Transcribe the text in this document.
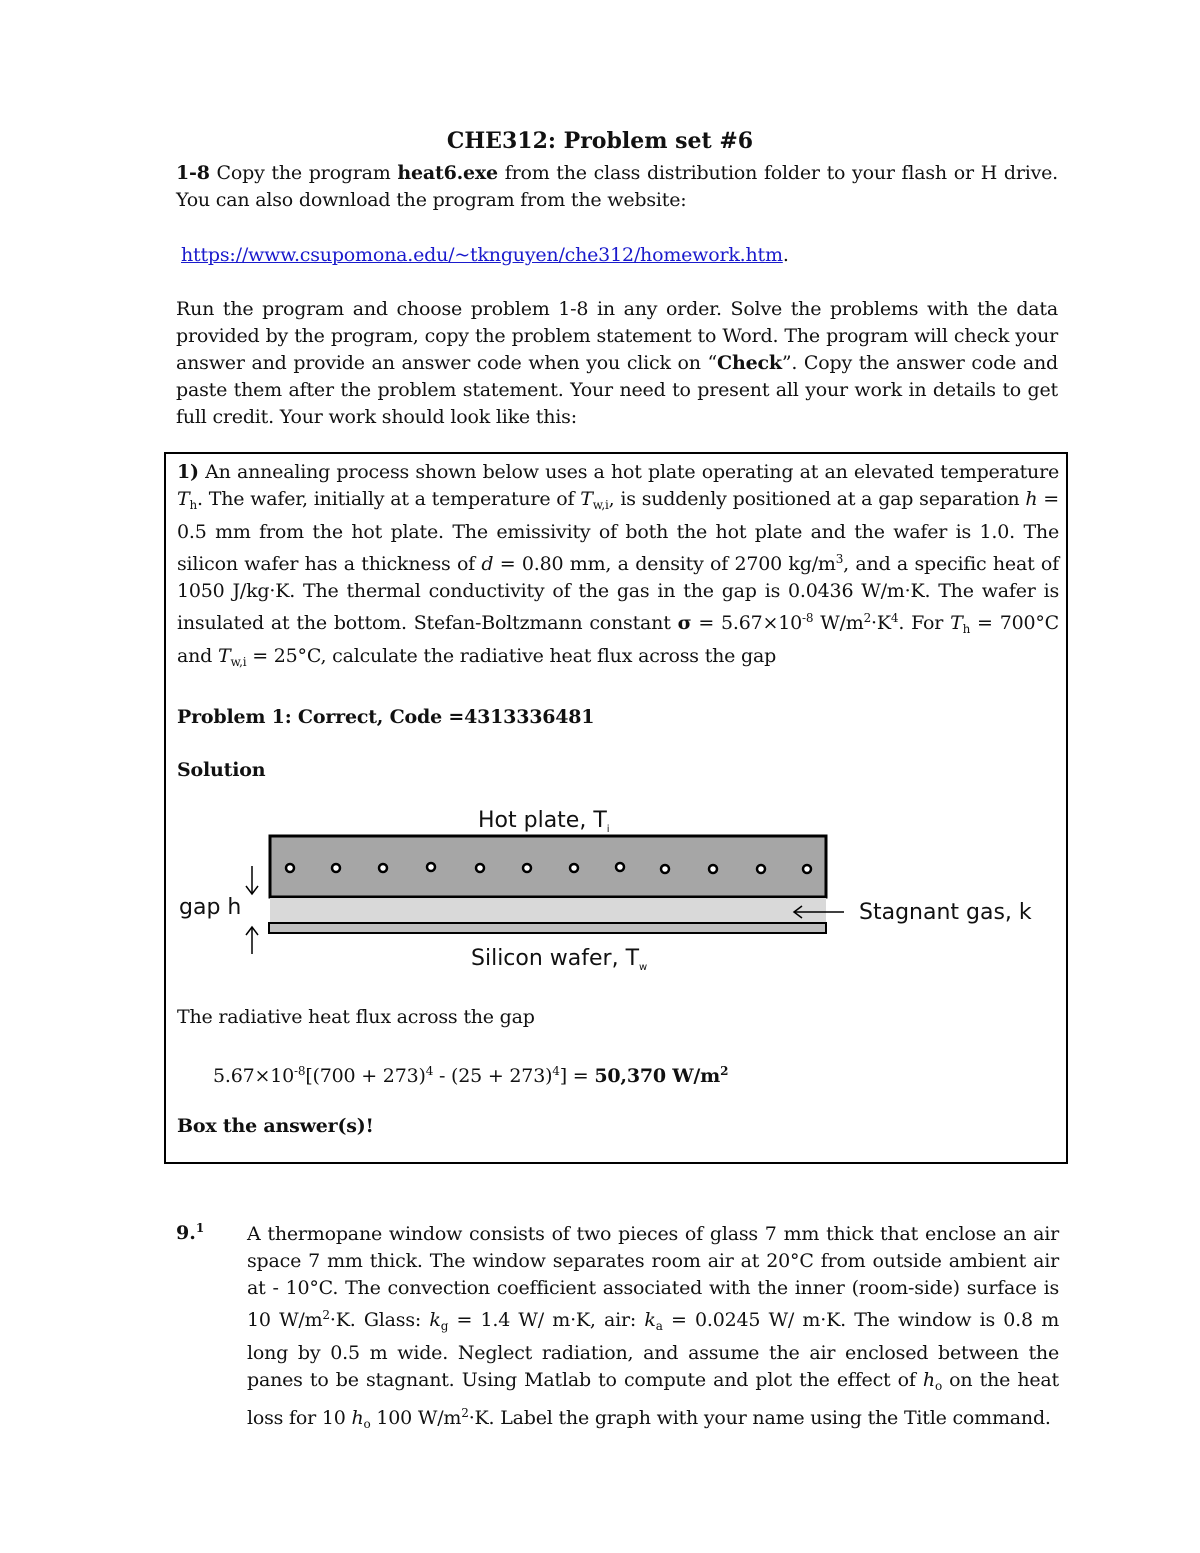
CHE312: Problem set #6
1-8 Copy the program heat6.exe from the class distribution folder to your flash or H drive. You can also download the program from the website:
https://www.csupomona.edu/~tknguyen/che312/homework.htm.
Run the program and choose problem 1-8 in any order. Solve the problems with the data provided by the program, copy the problem statement to Word. The program will check your answer and provide an answer code when you click on “Check”. Copy the answer code and paste them after the problem statement. Your need to present all your work in details to get full credit. Your work should look like this:
1) An annealing process shown below uses a hot plate operating at an elevated temperature $T_h$. The wafer, initially at a temperature of $T_{w,i}$, is suddenly positioned at a gap separation h = 0.5 mm from the hot plate. The emissivity of both the hot plate and the wafer is 1.0. The silicon wafer has a thickness of d = 0.80 mm, a density of 2700 $kg/m^3$, and a specific heat of 1050 J/kg·K. The thermal conductivity of the gas in the gap is 0.0436 W/m·K. The wafer is insulated at the bottom. Stefan-Boltzmann constant $\sigma = 5.67\times 10^{-8}$ $W/m^2\cdot K^4$. For $T_h = 700^\circ C$ and $T_{w,i} = 25^\circ C$, calculate the radiative heat flux across the gap
Problem 1: Correct, Code =4313336481
Solution
Hot plate, $T_i$
gap h	Stagnant gas, k
Silicon wafer, $T_w$
The radiative heat flux across the gap
$5.67\times 10^{-8}[(700 + 273)^4 - (25 + 273)^4] = 50,370$ $W/m^2$
Box the answer(s)!
9.$^1$ A thermopane window consists of two pieces of glass 7 mm thick that enclose an air space 7 mm thick. The window separates room air at 20°C from outside ambient air at - 10°C. The convection coefficient associated with the inner (room-side) surface is 10 $W/m^2\cdot K$. Glass: $k_g = 1.4$ W/ m·K, air: $k_a = 0.0245$ W/ m·K. The window is 0.8 m long by 0.5 m wide. Neglect radiation, and assume the air enclosed between the panes to be stagnant. Using Matlab to compute and plot the effect of $h_o$ on the heat loss for 10 $h_o$ 100 $W/m^2\cdot K$. Label the graph with your name using the Title command.
